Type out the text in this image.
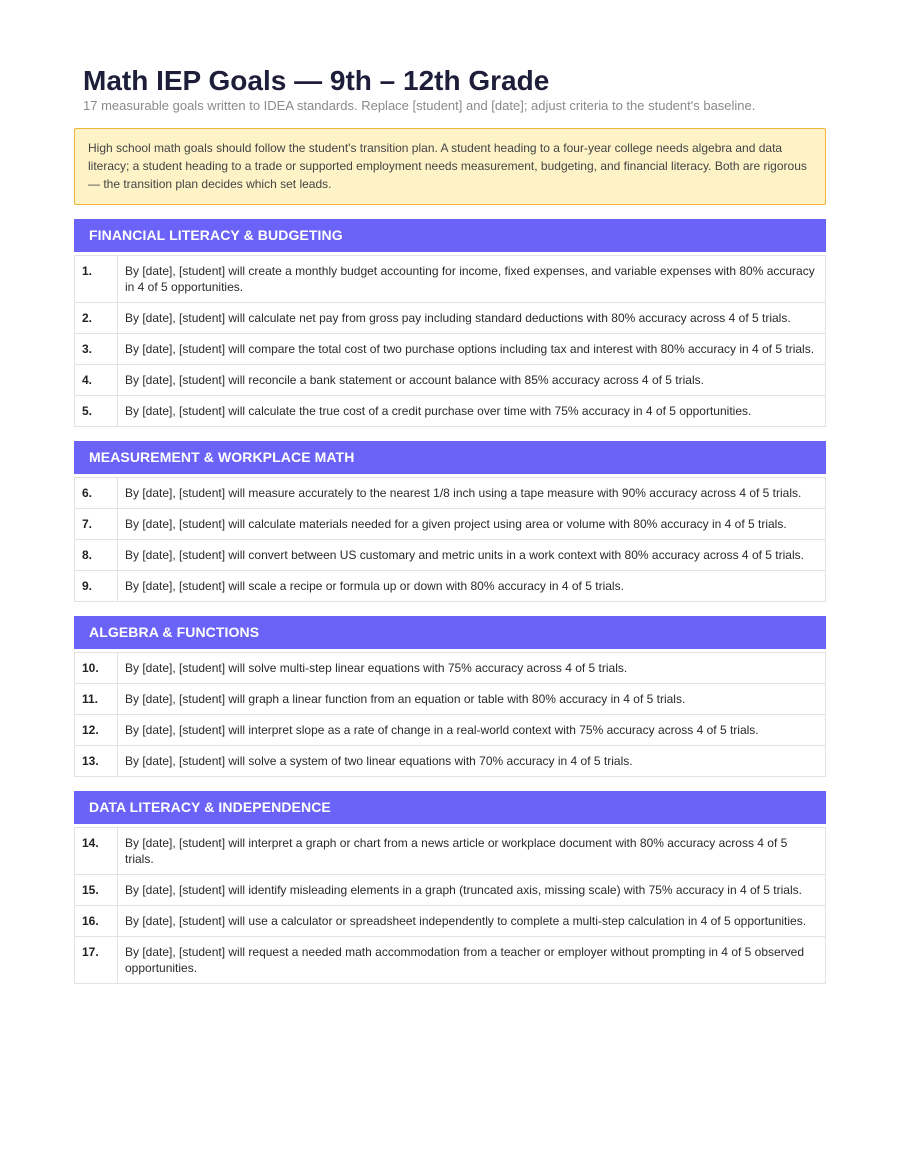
Math IEP Goals — 9th – 12th Grade

17 measurable goals written to IDEA standards. Replace [student] and [date]; adjust criteria to the student's baseline.

High school math goals should follow the student's transition plan. A student heading to a four-year college needs algebra and data literacy; a student heading to a trade or supported employment needs measurement, budgeting, and financial literacy. Both are rigorous — the transition plan decides which set leads.
FINANCIAL LITERACY & BUDGETING
1.	By [date], [student] will create a monthly budget accounting for income, fixed expenses, and variable expenses with 80% accuracy in 4 of 5 opportunities.
2.	By [date], [student] will calculate net pay from gross pay including standard deductions with 80% accuracy across 4 of 5 trials.
3.	By [date], [student] will compare the total cost of two purchase options including tax and interest with 80% accuracy in 4 of 5 trials.
4.	By [date], [student] will reconcile a bank statement or account balance with 85% accuracy across 4 of 5 trials.
5.	By [date], [student] will calculate the true cost of a credit purchase over time with 75% accuracy in 4 of 5 opportunities.
MEASUREMENT & WORKPLACE MATH
6.	By [date], [student] will measure accurately to the nearest 1/8 inch using a tape measure with 90% accuracy across 4 of 5 trials.
7.	By [date], [student] will calculate materials needed for a given project using area or volume with 80% accuracy in 4 of 5 trials.
8.	By [date], [student] will convert between US customary and metric units in a work context with 80% accuracy across 4 of 5 trials.
9.	By [date], [student] will scale a recipe or formula up or down with 80% accuracy in 4 of 5 trials.
ALGEBRA & FUNCTIONS
10.	By [date], [student] will solve multi-step linear equations with 75% accuracy across 4 of 5 trials.
11.	By [date], [student] will graph a linear function from an equation or table with 80% accuracy in 4 of 5 trials.
12.	By [date], [student] will interpret slope as a rate of change in a real-world context with 75% accuracy across 4 of 5 trials.
13.	By [date], [student] will solve a system of two linear equations with 70% accuracy in 4 of 5 trials.
DATA LITERACY & INDEPENDENCE
14.	By [date], [student] will interpret a graph or chart from a news article or workplace document with 80% accuracy across 4 of 5 trials.
15.	By [date], [student] will identify misleading elements in a graph (truncated axis, missing scale) with 75% accuracy in 4 of 5 trials.
16.	By [date], [student] will use a calculator or spreadsheet independently to complete a multi-step calculation in 4 of 5 opportunities.
17.	By [date], [student] will request a needed math accommodation from a teacher or employer without prompting in 4 of 5 observed opportunities.
